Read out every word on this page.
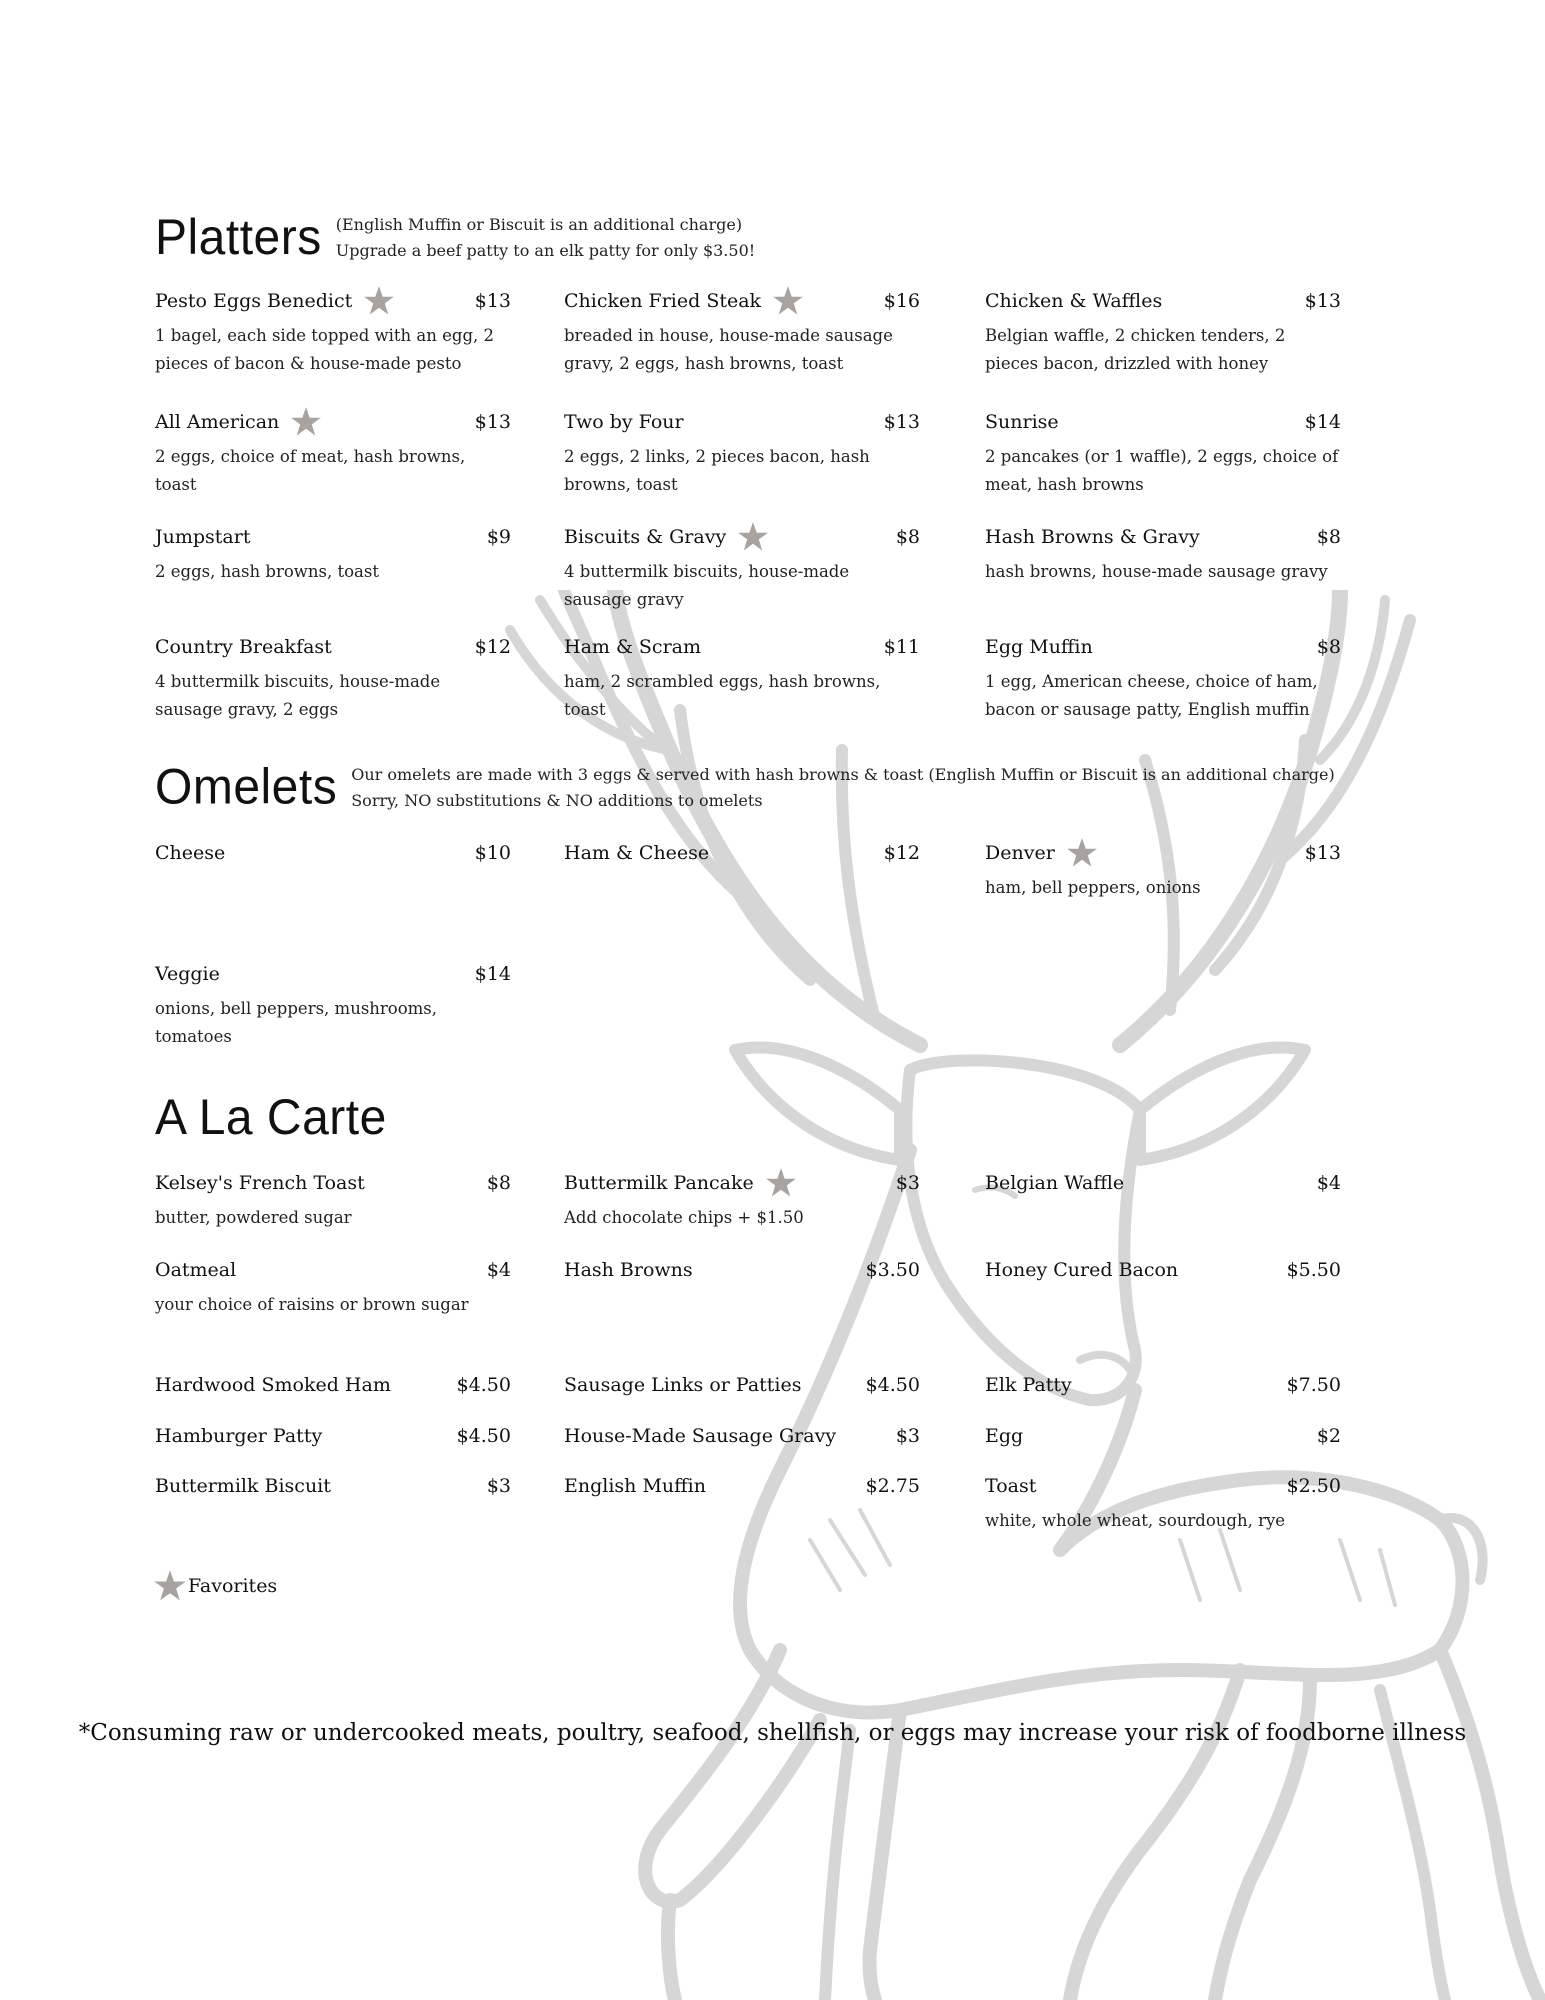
Platters (English Muffin or Biscuit is an additional charge)
Upgrade a beef patty to an elk patty for only $3.50!
Pesto Eggs Benedict	$13
1 bagel, each side topped with an egg, 2 pieces of bacon & house-made pesto
Chicken Fried Steak	$16
breaded in house, house-made sausage gravy, 2 eggs, hash browns, toast
Chicken & Waffles	$13
Belgian waffle, 2 chicken tenders, 2 pieces bacon, drizzled with honey
All American	$13
2 eggs, choice of meat, hash browns, toast
Two by Four	$13
2 eggs, 2 links, 2 pieces bacon, hash browns, toast
Sunrise	$14
2 pancakes (or 1 waffle), 2 eggs, choice of meat, hash browns
Jumpstart	$9
2 eggs, hash browns, toast
Biscuits & Gravy	$8
4 buttermilk biscuits, house-made sausage gravy
Hash Browns & Gravy	$8
hash browns, house-made sausage gravy
Country Breakfast	$12
4 buttermilk biscuits, house-made sausage gravy, 2 eggs
Ham & Scram	$11
ham, 2 scrambled eggs, hash browns, toast
Egg Muffin	$8
1 egg, American cheese, choice of ham, bacon or sausage patty, English muffin
Omelets Our omelets are made with 3 eggs & served with hash browns & toast (English Muffin or Biscuit is an additional charge)
Sorry, NO substitutions & NO additions to omelets
Cheese	$10	Ham & Cheese	$12	Denver	$13
ham, bell peppers, onions
Veggie	$14
onions, bell peppers, mushrooms, tomatoes
A La Carte
Kelsey's French Toast	$8
butter, powdered sugar
Buttermilk Pancake	$3
Add chocolate chips + $1.50
Belgian Waffle	$4
Oatmeal	$4
your choice of raisins or brown sugar
Hash Browns	$3.50	Honey Cured Bacon	$5.50
Hardwood Smoked Ham	$4.50	Sausage Links or Patties	$4.50	Elk Patty	$7.50
Hamburger Patty	$4.50	House-Made Sausage Gravy	$3	Egg	$2
Buttermilk Biscuit	$3	English Muffin	$2.75	Toast	$2.50
white, whole wheat, sourdough, rye
Favorites
*Consuming raw or undercooked meats, poultry, seafood, shellfish, or eggs may increase your risk of foodborne illness
